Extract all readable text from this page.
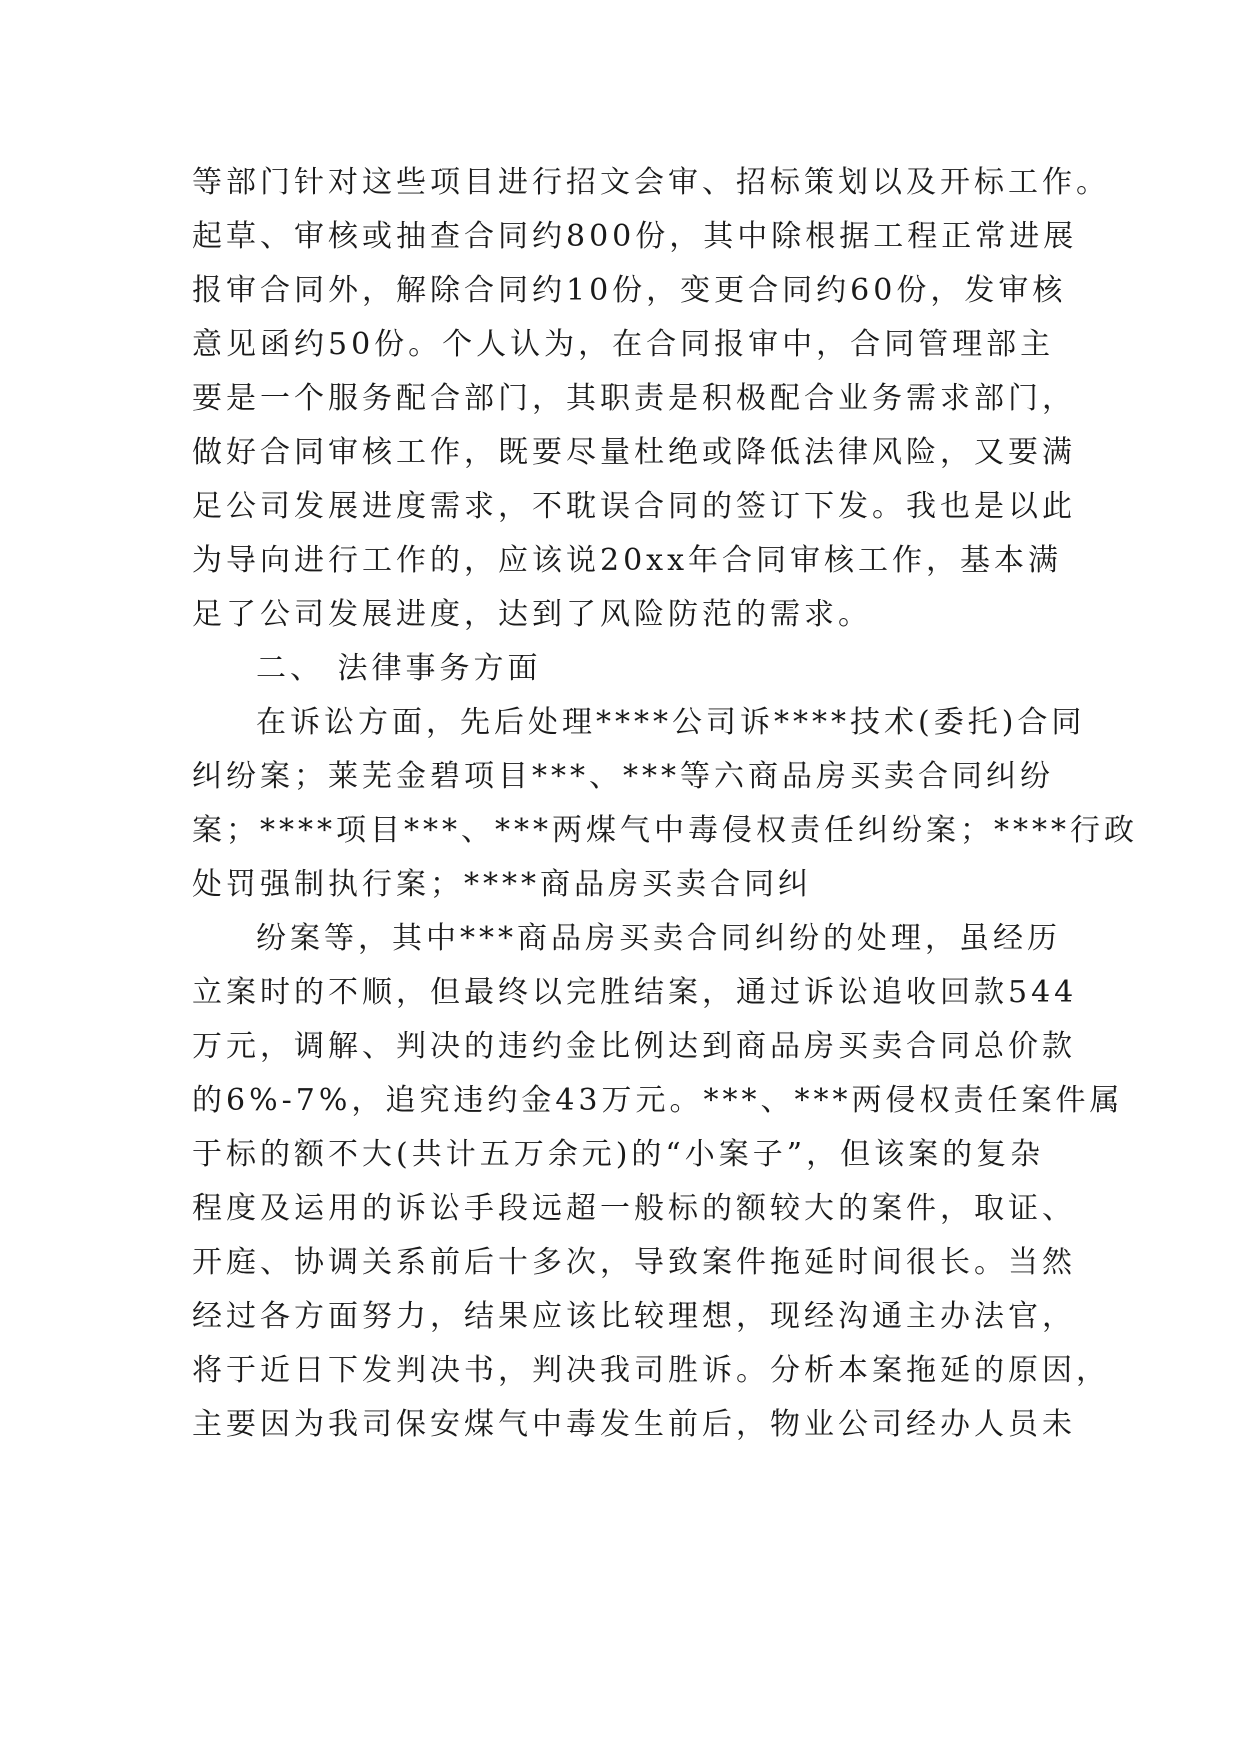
等部门针对这些项目进行招文会审、招标策划以及开标工作。
起草、审核或抽查合同约800份，其中除根据工程正常进展
报审合同外，解除合同约10份，变更合同约60份，发审核
意见函约50份。个人认为，在合同报审中，合同管理部主
要是一个服务配合部门，其职责是积极配合业务需求部门，
做好合同审核工作，既要尽量杜绝或降低法律风险，又要满
足公司发展进度需求，不耽误合同的签订下发。我也是以此
为导向进行工作的，应该说20xx年合同审核工作，基本满
足了公司发展进度，达到了风险防范的需求。
二、 法律事务方面
在诉讼方面，先后处理****公司诉****技术(委托)合同
纠纷案；莱芜金碧项目***、***等六商品房买卖合同纠纷
案；****项目***、***两煤气中毒侵权责任纠纷案；****行政
处罚强制执行案；****商品房买卖合同纠
纷案等，其中***商品房买卖合同纠纷的处理，虽经历
立案时的不顺，但最终以完胜结案，通过诉讼追收回款544
万元，调解、判决的违约金比例达到商品房买卖合同总价款
的6%-7%，追究违约金43万元。***、***两侵权责任案件属
于标的额不大(共计五万余元)的“小案子”，但该案的复杂
程度及运用的诉讼手段远超一般标的额较大的案件，取证、
开庭、协调关系前后十多次，导致案件拖延时间很长。当然
经过各方面努力，结果应该比较理想，现经沟通主办法官，
将于近日下发判决书，判决我司胜诉。分析本案拖延的原因，
主要因为我司保安煤气中毒发生前后，物业公司经办人员未
